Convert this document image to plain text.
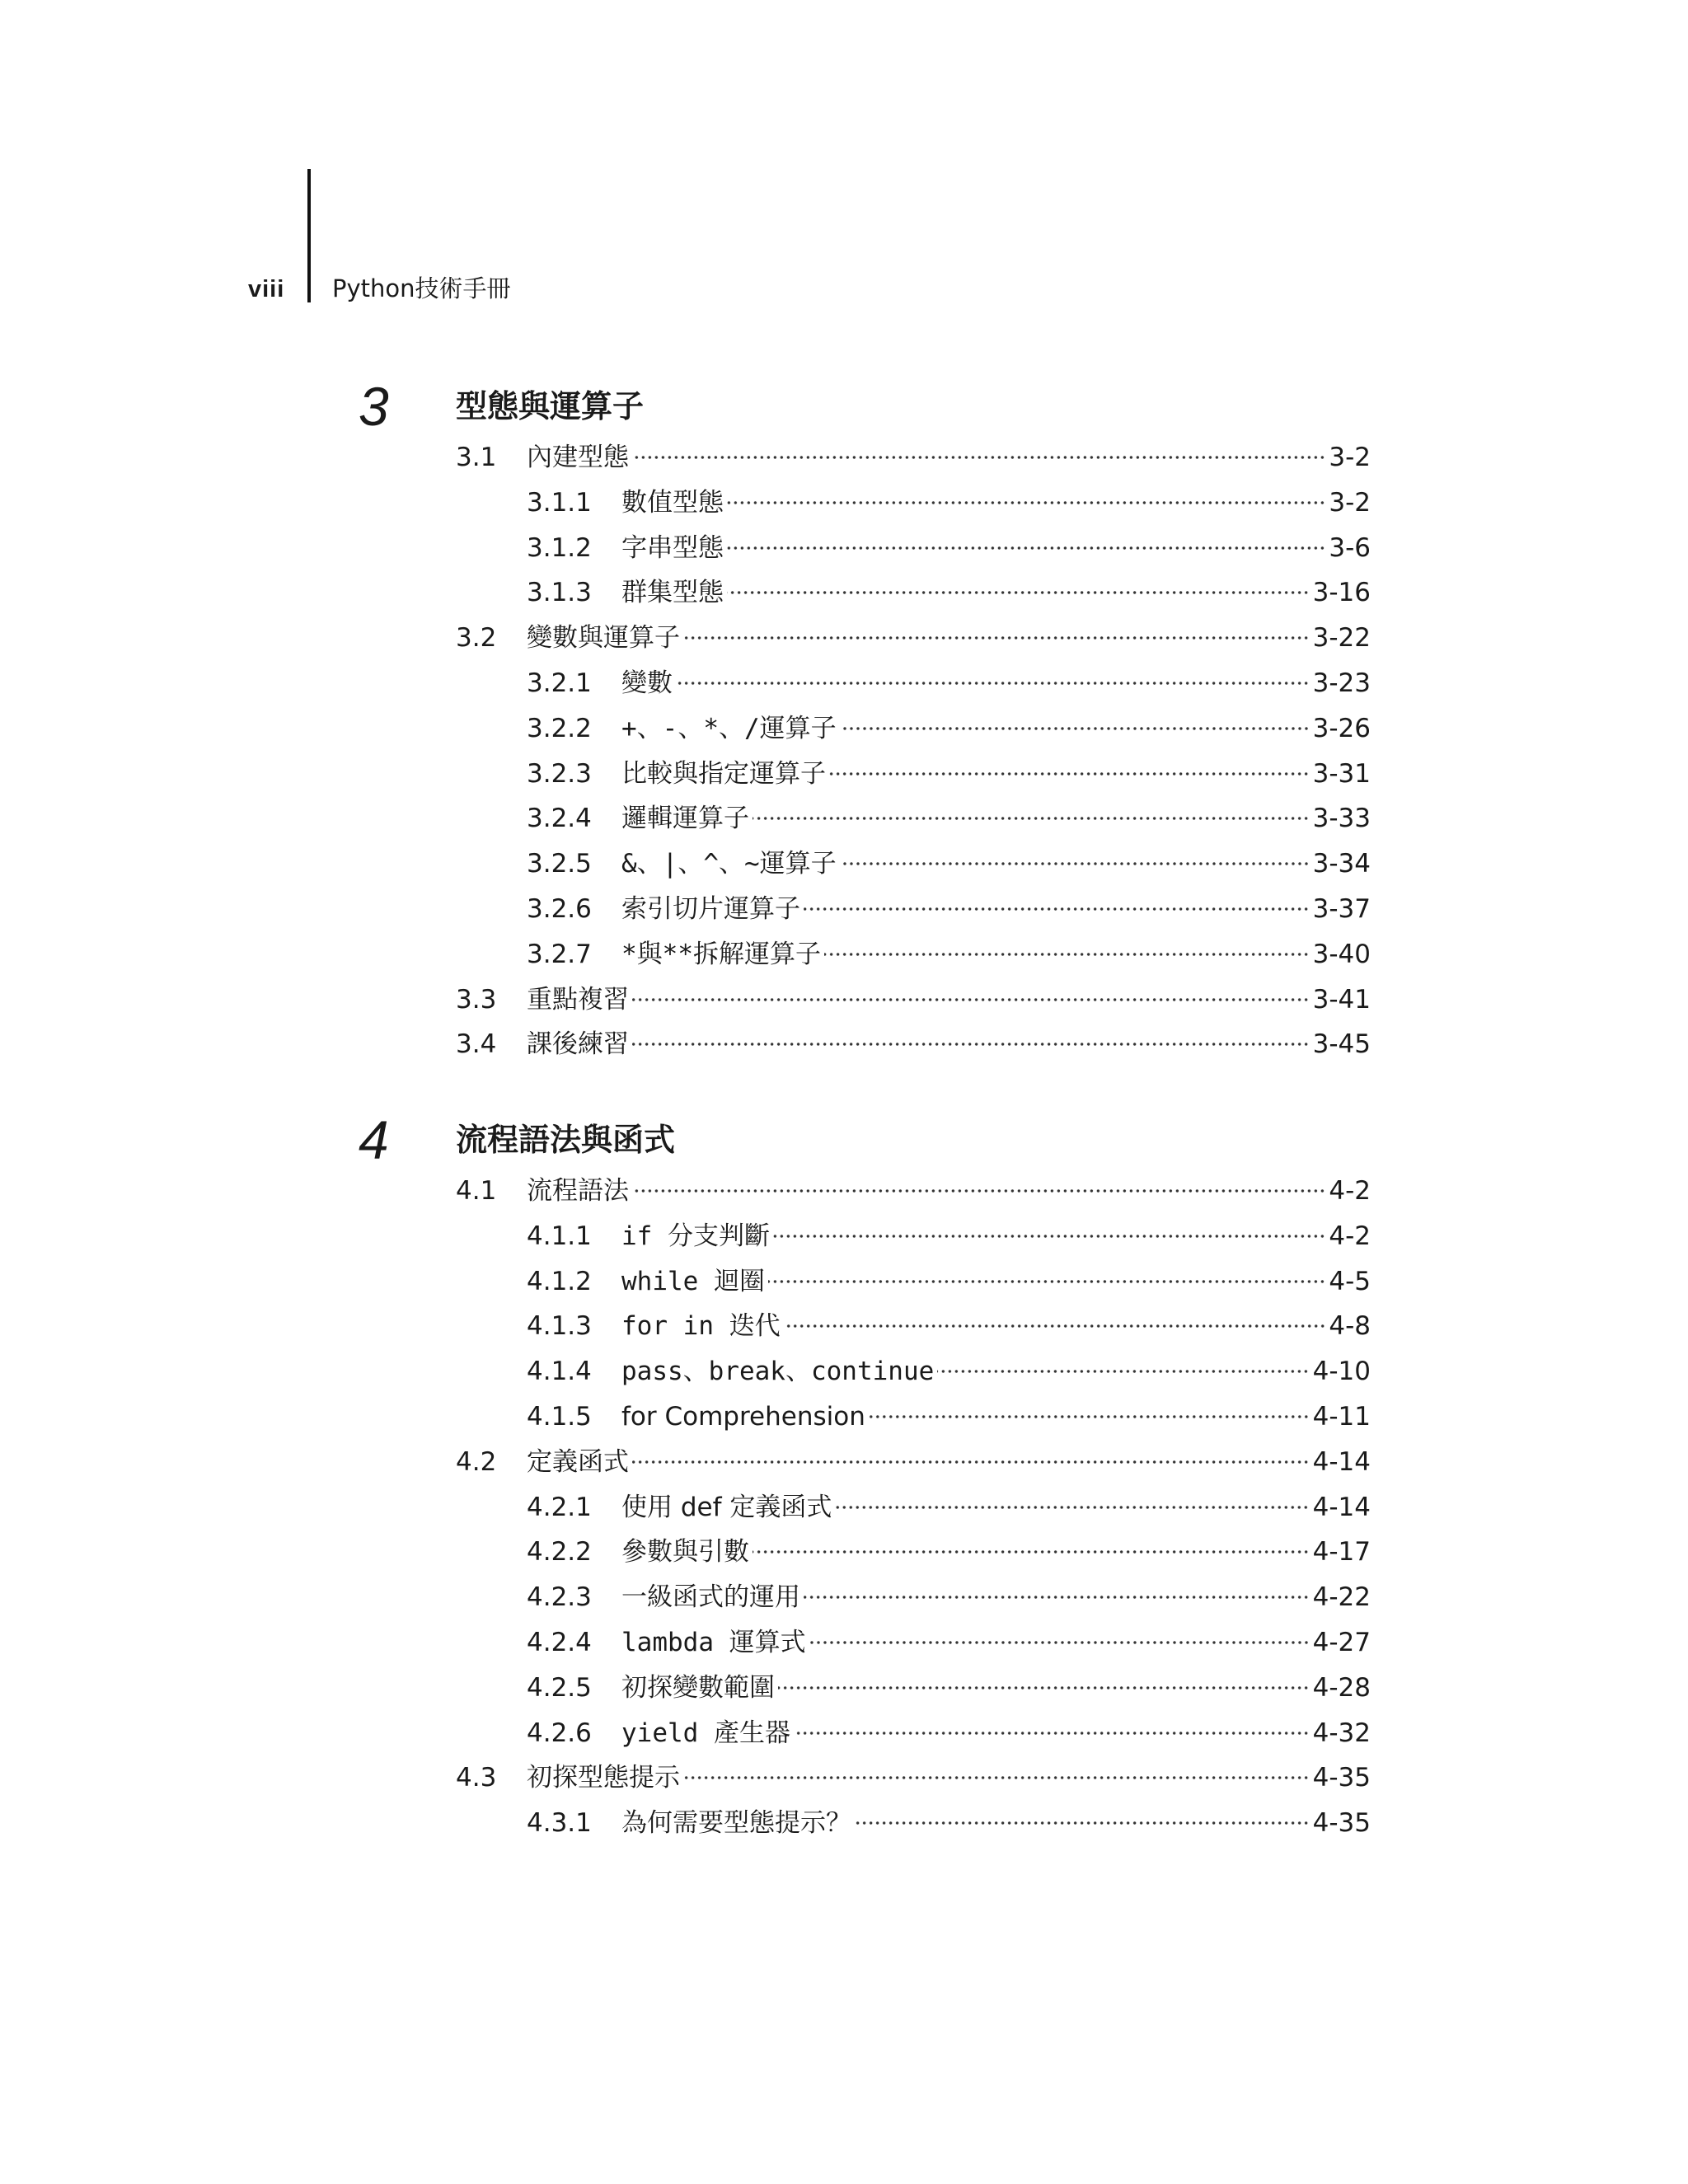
viii Python技術手冊
3 型態與運算子
3.1	內建型態	3-2
3.1.1	數值型態	3-2
3.1.2	字串型態	3-6
3.1.3	群集型態	3-16
3.2	變數與運算子	3-22
3.2.1	變數	3-23
3.2.2	+、-、*、/運算子	3-26
3.2.3	比較與指定運算子	3-31
3.2.4	邏輯運算子	3-33
3.2.5	&、|、^、~運算子	3-34
3.2.6	索引切片運算子	3-37
3.2.7	*與**拆解運算子	3-40
3.3	重點複習	3-41
3.4	課後練習	3-45
4 流程語法與函式
4.1	流程語法	4-2
4.1.1	if 分支判斷	4-2
4.1.2	while 迴圈	4-5
4.1.3	for in 迭代	4-8
4.1.4	pass、break、continue	4-10
4.1.5	for Comprehension	4-11
4.2	定義函式	4-14
4.2.1	使用 def 定義函式	4-14
4.2.2	參數與引數	4-17
4.2.3	一級函式的運用	4-22
4.2.4	lambda 運算式	4-27
4.2.5	初探變數範圍	4-28
4.2.6	yield 產生器	4-32
4.3	初探型態提示	4-35
4.3.1	為何需要型態提示？	4-35
